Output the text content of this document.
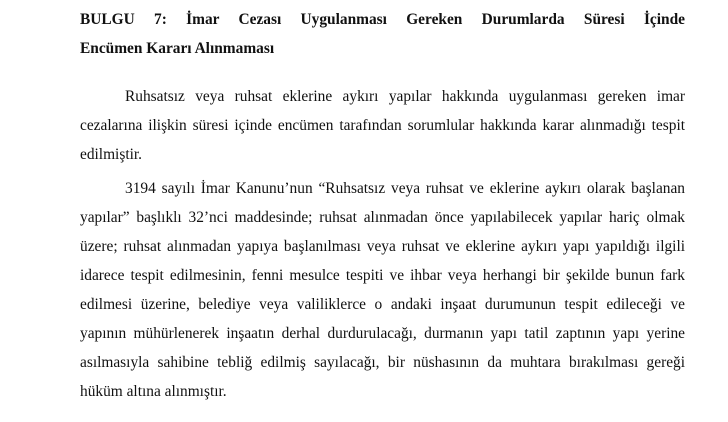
BULGU 7: İmar Cezası Uygulanması Gereken Durumlarda Süresi İçinde
Encümen Kararı Alınmaması
Ruhsatsız veya ruhsat eklerine aykırı yapılar hakkında uygulanması gereken imar
cezalarına ilişkin süresi içinde encümen tarafından sorumlular hakkında karar alınmadığı tespit
edilmiştir.
3194 sayılı İmar Kanunu’nun “Ruhsatsız veya ruhsat ve eklerine aykırı olarak başlanan
yapılar” başlıklı 32’nci maddesinde; ruhsat alınmadan önce yapılabilecek yapılar hariç olmak
üzere; ruhsat alınmadan yapıya başlanılması veya ruhsat ve eklerine aykırı yapı yapıldığı ilgili
idarece tespit edilmesinin, fenni mesulce tespiti ve ihbar veya herhangi bir şekilde bunun fark
edilmesi üzerine, belediye veya valiliklerce o andaki inşaat durumunun tespit edileceği ve
yapının mühürlenerek inşaatın derhal durdurulacağı, durmanın yapı tatil zaptının yapı yerine
asılmasıyla sahibine tebliğ edilmiş sayılacağı, bir nüshasının da muhtara bırakılması gereği
hüküm altına alınmıştır.
